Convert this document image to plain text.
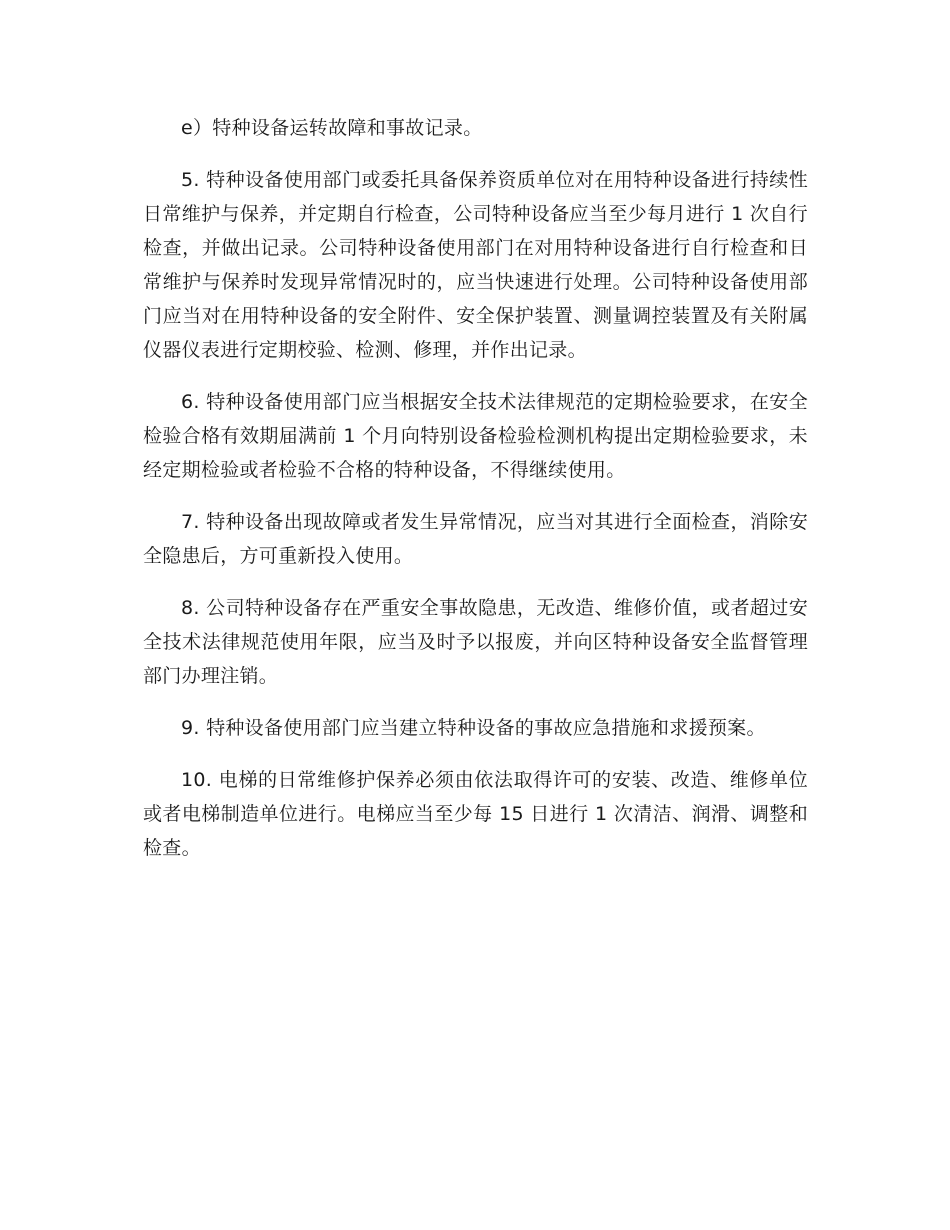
e）特种设备运转故障和事故记录。

5. 特种设备使用部门或委托具备保养资质单位对在用特种设备进行持续性日常维护与保养，并定期自行检查，公司特种设备应当至少每月进行 1 次自行检查，并做出记录。公司特种设备使用部门在对用特种设备进行自行检查和日常维护与保养时发现异常情况时的，应当快速进行处理。公司特种设备使用部门应当对在用特种设备的安全附件、安全保护装置、测量调控装置及有关附属仪器仪表进行定期校验、检测、修理，并作出记录。

6. 特种设备使用部门应当根据安全技术法律规范的定期检验要求，在安全检验合格有效期届满前 1 个月向特别设备检验检测机构提出定期检验要求，未经定期检验或者检验不合格的特种设备，不得继续使用。

7. 特种设备出现故障或者发生异常情况，应当对其进行全面检查，消除安全隐患后，方可重新投入使用。

8. 公司特种设备存在严重安全事故隐患，无改造、维修价值，或者超过安全技术法律规范使用年限，应当及时予以报废，并向区特种设备安全监督管理部门办理注销。

9. 特种设备使用部门应当建立特种设备的事故应急措施和求援预案。

10. 电梯的日常维修护保养必须由依法取得许可的安装、改造、维修单位或者电梯制造单位进行。电梯应当至少每 15 日进行 1 次清洁、润滑、调整和检查。
